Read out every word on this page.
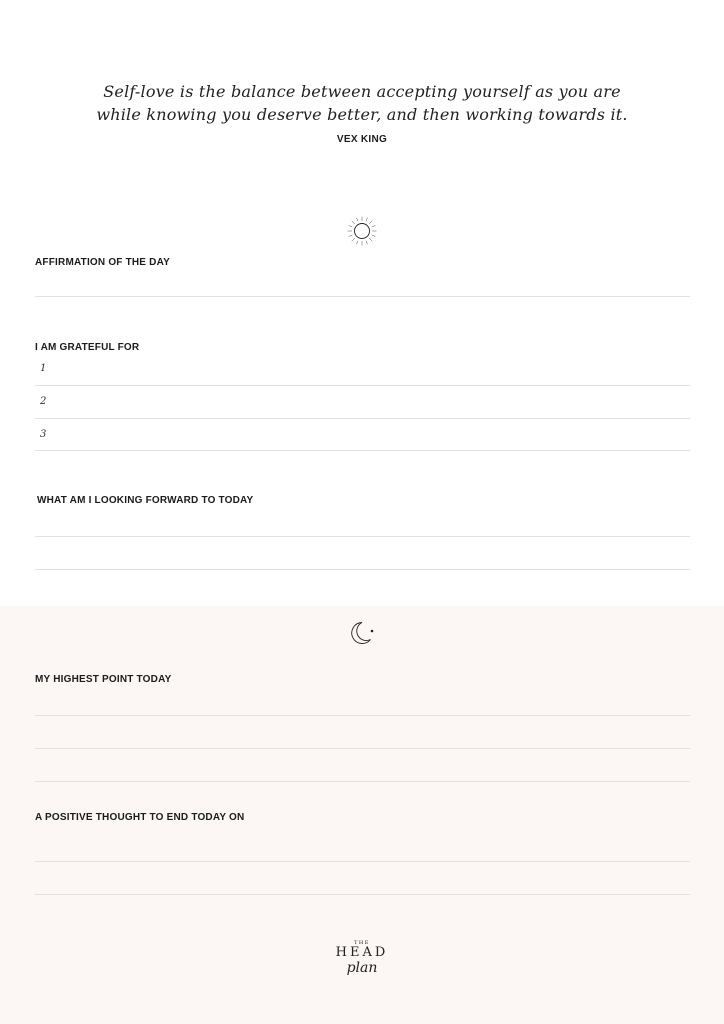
Self-love is the balance between accepting yourself as you are
while knowing you deserve better, and then working towards it.
VEX KING
AFFIRMATION OF THE DAY
I AM GRATEFUL FOR
1
2
3
WHAT AM I LOOKING FORWARD TO TODAY
MY HIGHEST POINT TODAY
A POSITIVE THOUGHT TO END TODAY ON
THE
HEAD
plan
